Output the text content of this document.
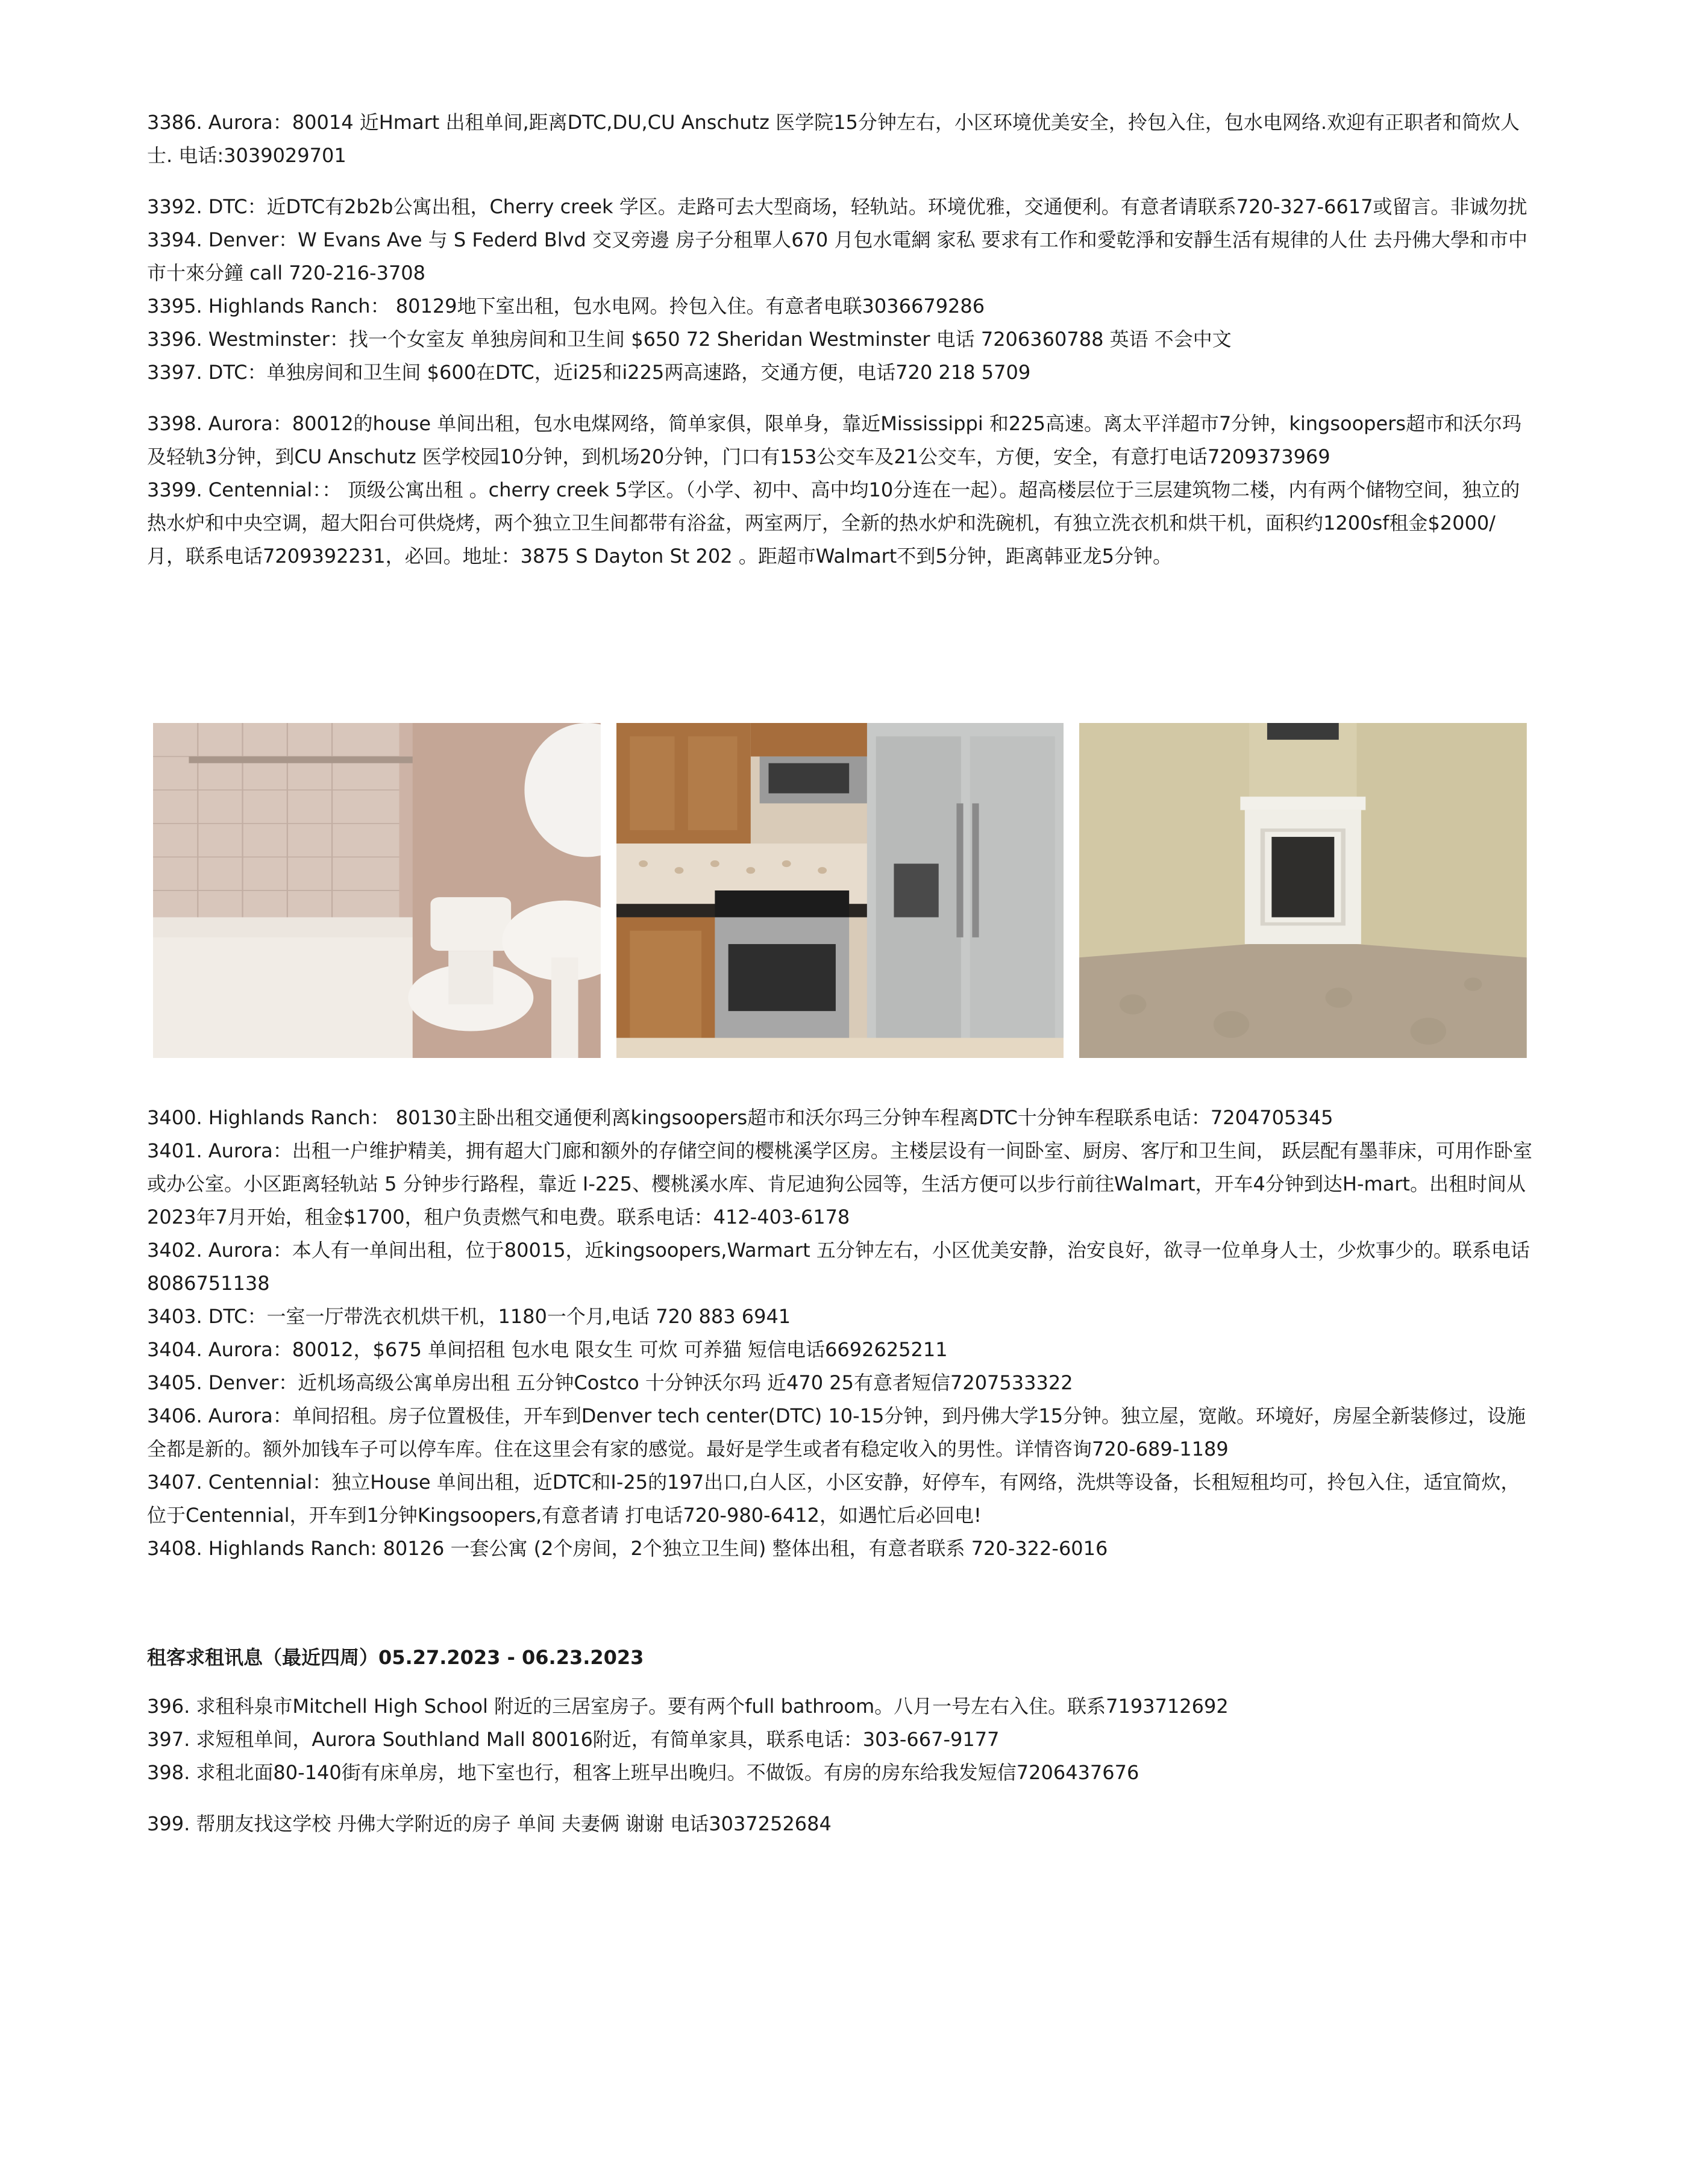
3386. Aurora：80014 近Hmart 出租单间,距离DTC,DU,CU Anschutz 医学院15分钟左右，小区环境优美安全，拎包入住，包水电网络.欢迎有正职者和简炊人士. 电话:3039029701

3392. DTC：近DTC有2b2b公寓出租，Cherry creek 学区。走路可去大型商场，轻轨站。环境优雅，交通便利。有意者请联系720-327-6617或留言。非诚勿扰

3394. Denver：W Evans Ave 与 S Federd Blvd 交叉旁邊 房子分租單人670 月包水電網 家私 要求有工作和愛乾淨和安靜生活有規律的人仕 去丹佛大學和市中市十來分鐘 call 720-216-3708

3395. Highlands Ranch： 80129地下室出租，包水电网。拎包入住。有意者电联3036679286

3396. Westminster：找一个女室友 单独房间和卫生间 $650 72 Sheridan Westminster 电话 7206360788 英语 不会中文

3397. DTC：单独房间和卫生间 $600在DTC，近i25和i225两高速路，交通方便，电话720 218 5709

3398. Aurora：80012的house 单间出租，包水电煤网络，简单家俱，限单身，靠近Mississippi 和225高速。离太平洋超市7分钟，kingsoopers超市和沃尔玛及轻轨3分钟，到CU Anschutz 医学校园10分钟，到机场20分钟，门口有153公交车及21公交车，方便，安全，有意打电话7209373969

3399. Centennial：： 顶级公寓出租 。cherry creek 5学区。（小学、初中、高中均10分连在一起）。超高楼层位于三层建筑物二楼，内有两个储物空间，独立的热水炉和中央空调，超大阳台可供烧烤，两个独立卫生间都带有浴盆，两室两厅，全新的热水炉和洗碗机，有独立洗衣机和烘干机，面积约1200sf租金$2000/月，联系电话7209392231，必回。地址：3875 S Dayton St 202 。距超市Walmart不到5分钟，距离韩亚龙5分钟。

3400. Highlands Ranch： 80130主卧出租交通便利离kingsoopers超市和沃尔玛三分钟车程离DTC十分钟车程联系电话：7204705345

3401. Aurora：出租一户维护精美，拥有超大门廊和额外的存储空间的樱桃溪学区房。主楼层设有一间卧室、厨房、客厅和卫生间， 跃层配有墨菲床，可用作卧室或办公室。小区距离轻轨站 5 分钟步行路程，靠近 I-225、樱桃溪水库、肯尼迪狗公园等，生活方便可以步行前往Walmart，开车4分钟到达H-mart。出租时间从2023年7月开始，租金$1700，租户负责燃气和电费。联系电话：412-403-6178

3402. Aurora：本人有一单间出租，位于80015，近kingsoopers,Warmart 五分钟左右，小区优美安静，治安良好，欲寻一位单身人士，少炊事少的。联系电话8086751138

3403. DTC：一室一厅带洗衣机烘干机，1180一个月,电话 720 883 6941

3404. Aurora：80012，$675 单间招租 包水电 限女生 可炊 可养猫 短信电话6692625211

3405. Denver：近机场高级公寓单房出租 五分钟Costco 十分钟沃尔玛 近470 25有意者短信7207533322

3406. Aurora：单间招租。房子位置极佳，开车到Denver tech center(DTC) 10-15分钟，到丹佛大学15分钟。独立屋，宽敞。环境好，房屋全新装修过，设施全都是新的。额外加钱车子可以停车库。住在这里会有家的感觉。最好是学生或者有稳定收入的男性。详情咨询720-689-1189

3407. Centennial：独立House 单间出租，近DTC和I-25的197出口,白人区，小区安静，好停车，有网络，洗烘等设备，长租短租均可，拎包入住，适宜简炊，位于Centennial，开车到1分钟Kingsoopers,有意者请 打电话720-980-6412，如遇忙后必回电!

3408. Highlands Ranch: 80126 一套公寓 (2个房间，2个独立卫生间) 整体出租，有意者联系 720-322-6016

租客求租讯息（最近四周）05.27.2023 - 06.23.2023

396. 求租科泉市Mitchell High School 附近的三居室房子。要有两个full bathroom。八月一号左右入住。联系7193712692

397. 求短租单间，Aurora Southland Mall 80016附近，有简单家具，联系电话：303-667-9177

398. 求租北面80-140街有床单房，地下室也行，租客上班早出晚归。不做饭。有房的房东给我发短信7206437676

399. 帮朋友找这学校 丹佛大学附近的房子 单间 夫妻俩 谢谢 电话3037252684
